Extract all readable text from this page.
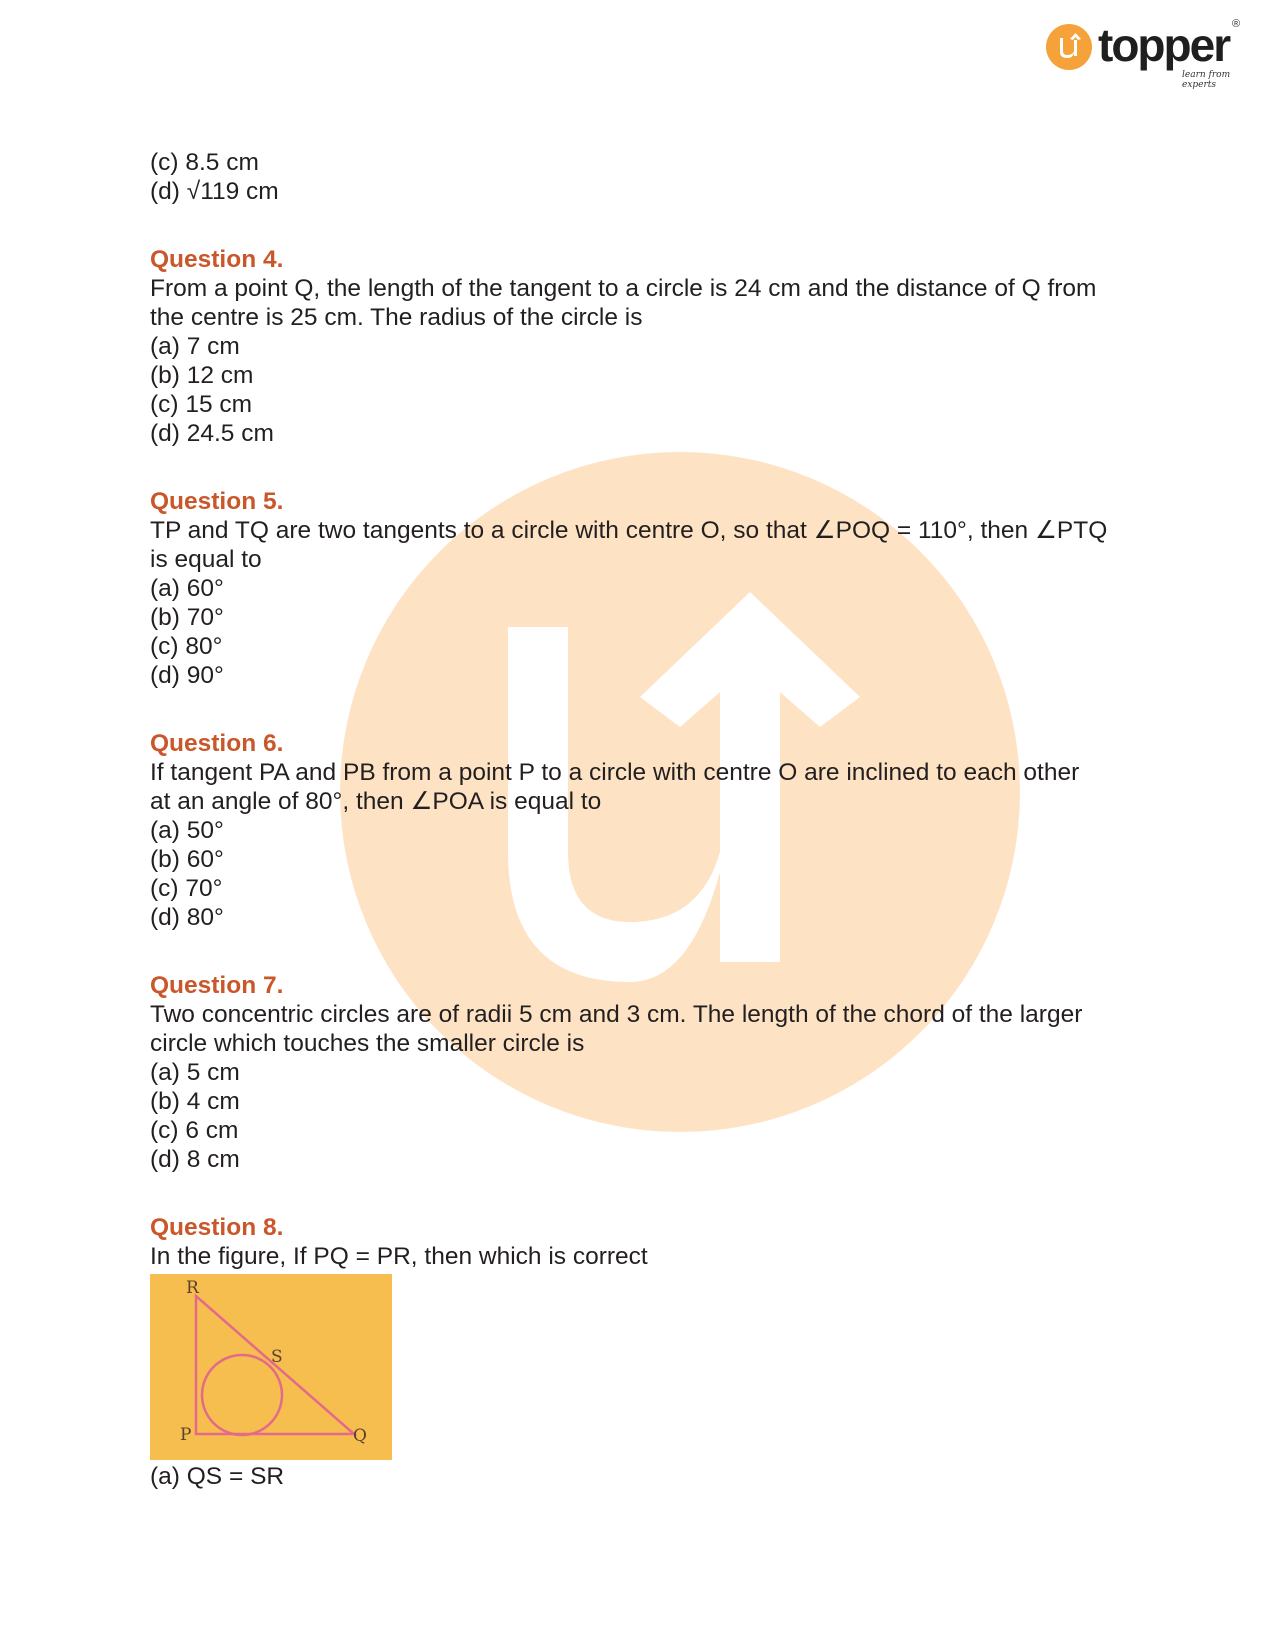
topper ®
learn from experts
(c) 8.5 cm
(d) √119 cm
Question 4.
From a point Q, the length of the tangent to a circle is 24 cm and the distance of Q from
the centre is 25 cm. The radius of the circle is
(a) 7 cm
(b) 12 cm
(c) 15 cm
(d) 24.5 cm
Question 5.
TP and TQ are two tangents to a circle with centre O, so that ∠POQ = 110°, then ∠PTQ
is equal to
(a) 60°
(b) 70°
(c) 80°
(d) 90°
Question 6.
If tangent PA and PB from a point P to a circle with centre O are inclined to each other
at an angle of 80°, then ∠POA is equal to
(a) 50°
(b) 60°
(c) 70°
(d) 80°
Question 7.
Two concentric circles are of radii 5 cm and 3 cm. The length of the chord of the larger
circle which touches the smaller circle is
(a) 5 cm
(b) 4 cm
(c) 6 cm
(d) 8 cm
Question 8.
In the figure, If PQ = PR, then which is correct
R
S
P	Q
(a) QS = SR
